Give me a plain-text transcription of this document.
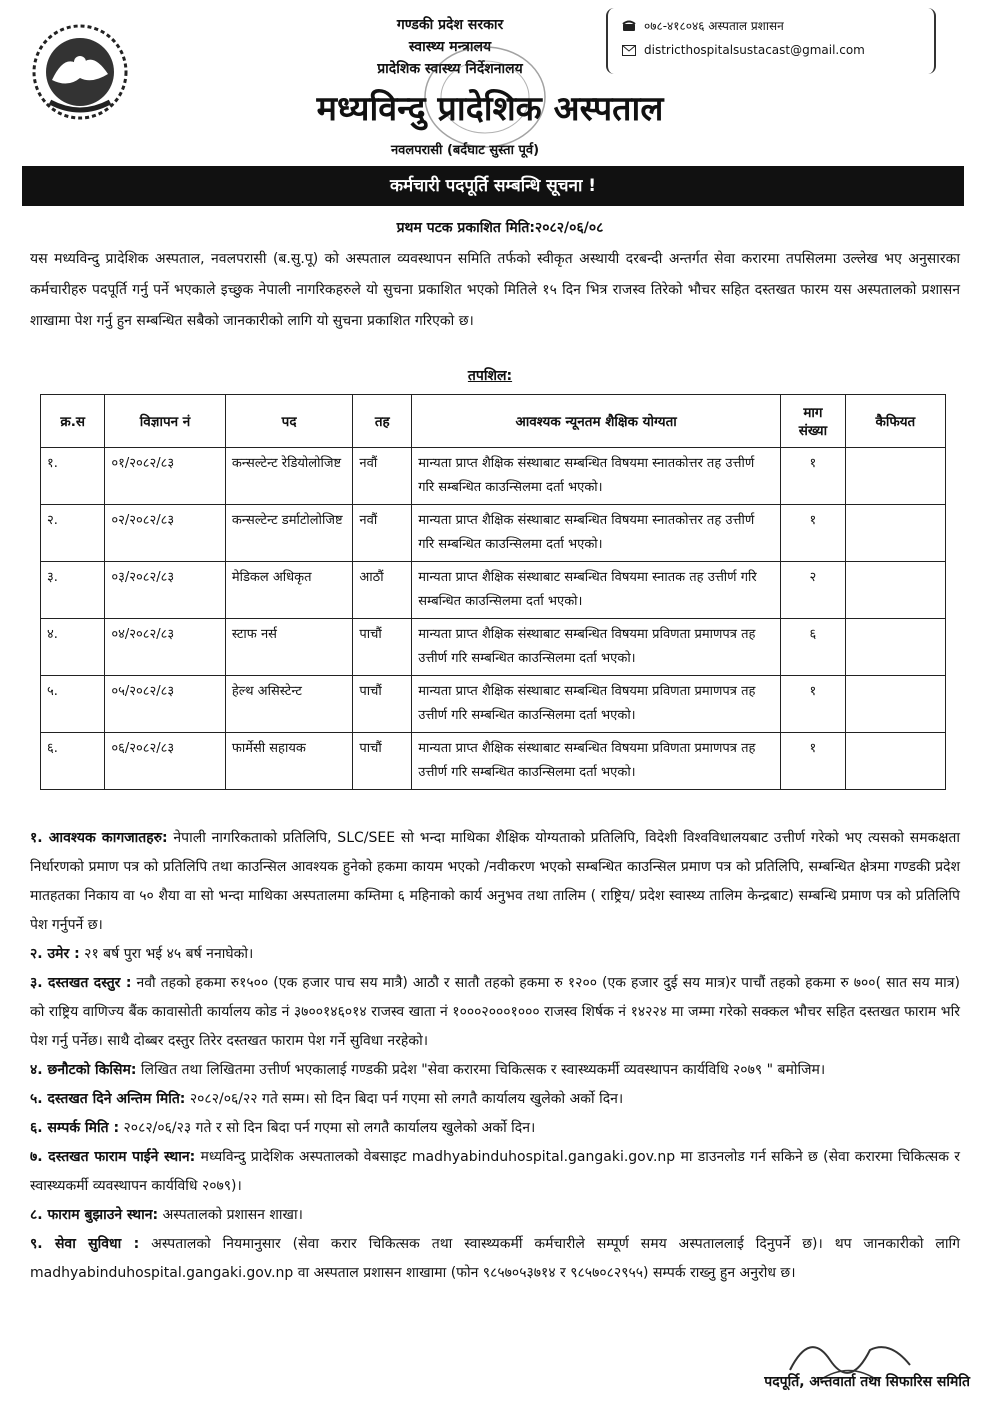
गण्डकी प्रदेश सरकार
स्वास्थ्य मन्त्रालय
प्रादेशिक स्वास्थ्य निर्देशनालय
मध्यविन्दु प्रादेशिक अस्पताल
नवलपरासी (बर्दघाट सुस्ता पूर्व)
०७८-४१८०४६ अस्पताल प्रशासन
districthospitalsustacast@gmail.com
कर्मचारी पदपूर्ति सम्बन्धि सूचना !
प्रथम पटक प्रकाशित मिति:२०८२/०६/०८
यस मध्यविन्दु प्रादेशिक अस्पताल, नवलपरासी (ब.सु.पू) को अस्पताल व्यवस्थापन समिति तर्फको स्वीकृत अस्थायी दरबन्दी अन्तर्गत सेवा करारमा तपसिलमा उल्लेख भए अनुसारका कर्मचारीहरु पदपूर्ति गर्नु पर्ने भएकाले इच्छुक नेपाली नागरिकहरुले यो सुचना प्रकाशित भएको मितिले १५ दिन भित्र राजस्व तिरेको भौचर सहित दस्तखत फारम यस अस्पतालको प्रशासन शाखामा पेश गर्नु हुन सम्बन्धित सबैको जानकारीको लागि यो सुचना प्रकाशित गरिएको छ।
तपशिल:
क्र.स	विज्ञापन नं	पद	तह	आवश्यक न्यूनतम शैक्षिक योग्यता	माग संख्या	कैफियत
१.	०१/२०८२/८३	कन्सल्टेन्ट रेडियोलोजिष्ट	नवौं	मान्यता प्राप्त शैक्षिक संस्थाबाट सम्बन्धित विषयमा स्नातकोत्तर तह उत्तीर्ण गरि सम्बन्धित काउन्सिलमा दर्ता भएको।	१	
२.	०२/२०८२/८३	कन्सल्टेन्ट डर्माटोलोजिष्ट	नवौं	मान्यता प्राप्त शैक्षिक संस्थाबाट सम्बन्धित विषयमा स्नातकोत्तर तह उत्तीर्ण गरि सम्बन्धित काउन्सिलमा दर्ता भएको।	१	
३.	०३/२०८२/८३	मेडिकल अधिकृत	आठौं	मान्यता प्राप्त शैक्षिक संस्थाबाट सम्बन्धित विषयमा स्नातक तह उत्तीर्ण गरि सम्बन्धित काउन्सिलमा दर्ता भएको।	२	
४.	०४/२०८२/८३	स्टाफ नर्स	पाचौं	मान्यता प्राप्त शैक्षिक संस्थाबाट सम्बन्धित विषयमा प्रविणता प्रमाणपत्र तह उत्तीर्ण गरि सम्बन्धित काउन्सिलमा दर्ता भएको।	६	
५.	०५/२०८२/८३	हेल्थ असिस्टेन्ट	पाचौं	मान्यता प्राप्त शैक्षिक संस्थाबाट सम्बन्धित विषयमा प्रविणता प्रमाणपत्र तह उत्तीर्ण गरि सम्बन्धित काउन्सिलमा दर्ता भएको।	१	
६.	०६/२०८२/८३	फार्मेसी सहायक	पाचौं	मान्यता प्राप्त शैक्षिक संस्थाबाट सम्बन्धित विषयमा प्रविणता प्रमाणपत्र तह उत्तीर्ण गरि सम्बन्धित काउन्सिलमा दर्ता भएको।	१	

१. आवश्यक कागजातहरु: नेपाली नागरिकताको प्रतिलिपि, SLC/SEE सो भन्दा माथिका शैक्षिक योग्यताको प्रतिलिपि, विदेशी विश्वविधालयबाट उत्तीर्ण गरेको भए त्यसको समकक्षता निर्धारणको प्रमाण पत्र को प्रतिलिपि तथा काउन्सिल आवश्यक हुनेको हकमा कायम भएको /नवीकरण भएको सम्बन्धित काउन्सिल प्रमाण पत्र को प्रतिलिपि, सम्बन्धित क्षेत्रमा गण्डकी प्रदेश मातहतका निकाय वा ५० शैया वा सो भन्दा माथिका अस्पतालमा कम्तिमा ६ महिनाको कार्य अनुभव तथा तालिम ( राष्ट्रिय/ प्रदेश स्वास्थ्य तालिम केन्द्रबाट) सम्बन्धि प्रमाण पत्र को प्रतिलिपि पेश गर्नुपर्ने छ।

२. उमेर : २१ बर्ष पुरा भई ४५ बर्ष ननाघेको।

३. दस्तखत दस्तुर : नवौ तहको हकमा रु१५०० (एक हजार पाच सय मात्रै) आठौ र सातौ तहको हकमा रु १२०० (एक हजार दुई सय मात्र)र पाचौं तहको हकमा रु ७००( सात सय मात्र) को राष्ट्रिय वाणिज्य बैंक कावासोती कार्यालय कोड नं ३७००१४६०१४ राजस्व खाता नं १०००२०००१००० राजस्व शिर्षक नं १४२२४ मा जम्मा गरेको सक्कल भौचर सहित दस्तखत फाराम भरि पेश गर्नु पर्नेछ। साथै दोब्बर दस्तुर तिरेर दस्तखत फाराम पेश गर्ने सुविधा नरहेको।

४. छनौटको किसिम: लिखित तथा लिखितमा उत्तीर्ण भएकालाई गण्डकी प्रदेश "सेवा करारमा चिकित्सक र स्वास्थ्यकर्मी व्यवस्थापन कार्यविधि २०७९ " बमोजिम।

५. दस्तखत दिने अन्तिम मिति: २०८२/०६/२२ गते सम्म। सो दिन बिदा पर्न गएमा सो लगतै कार्यालय खुलेको अर्को दिन।

६. सम्पर्क मिति : २०८२/०६/२३ गते र सो दिन बिदा पर्न गएमा सो लगतै कार्यालय खुलेको अर्को दिन।

७. दस्तखत फाराम पाईने स्थान: मध्यविन्दु प्रादेशिक अस्पतालको वेबसाइट madhyabinduhospital.gangaki.gov.np मा डाउनलोड गर्न सकिने छ (सेवा करारमा चिकित्सक र स्वास्थ्यकर्मी व्यवस्थापन कार्यविधि २०७९)।

८. फाराम बुझाउने स्थान: अस्पतालको प्रशासन शाखा।

९. सेवा सुविधा : अस्पतालको नियमानुसार (सेवा करार चिकित्सक तथा स्वास्थ्यकर्मी कर्मचारीले सम्पूर्ण समय अस्पताललाई दिनुपर्ने छ)। थप जानकारीको लागि madhyabinduhospital.gangaki.gov.np वा अस्पताल प्रशासन शाखामा (फोन ९८५७०५३७१४ र ९८५७०८२९५५) सम्पर्क राख्नु हुन अनुरोध छ।

पदपूर्ति, अन्तवार्ता तथा सिफारिस समिति
